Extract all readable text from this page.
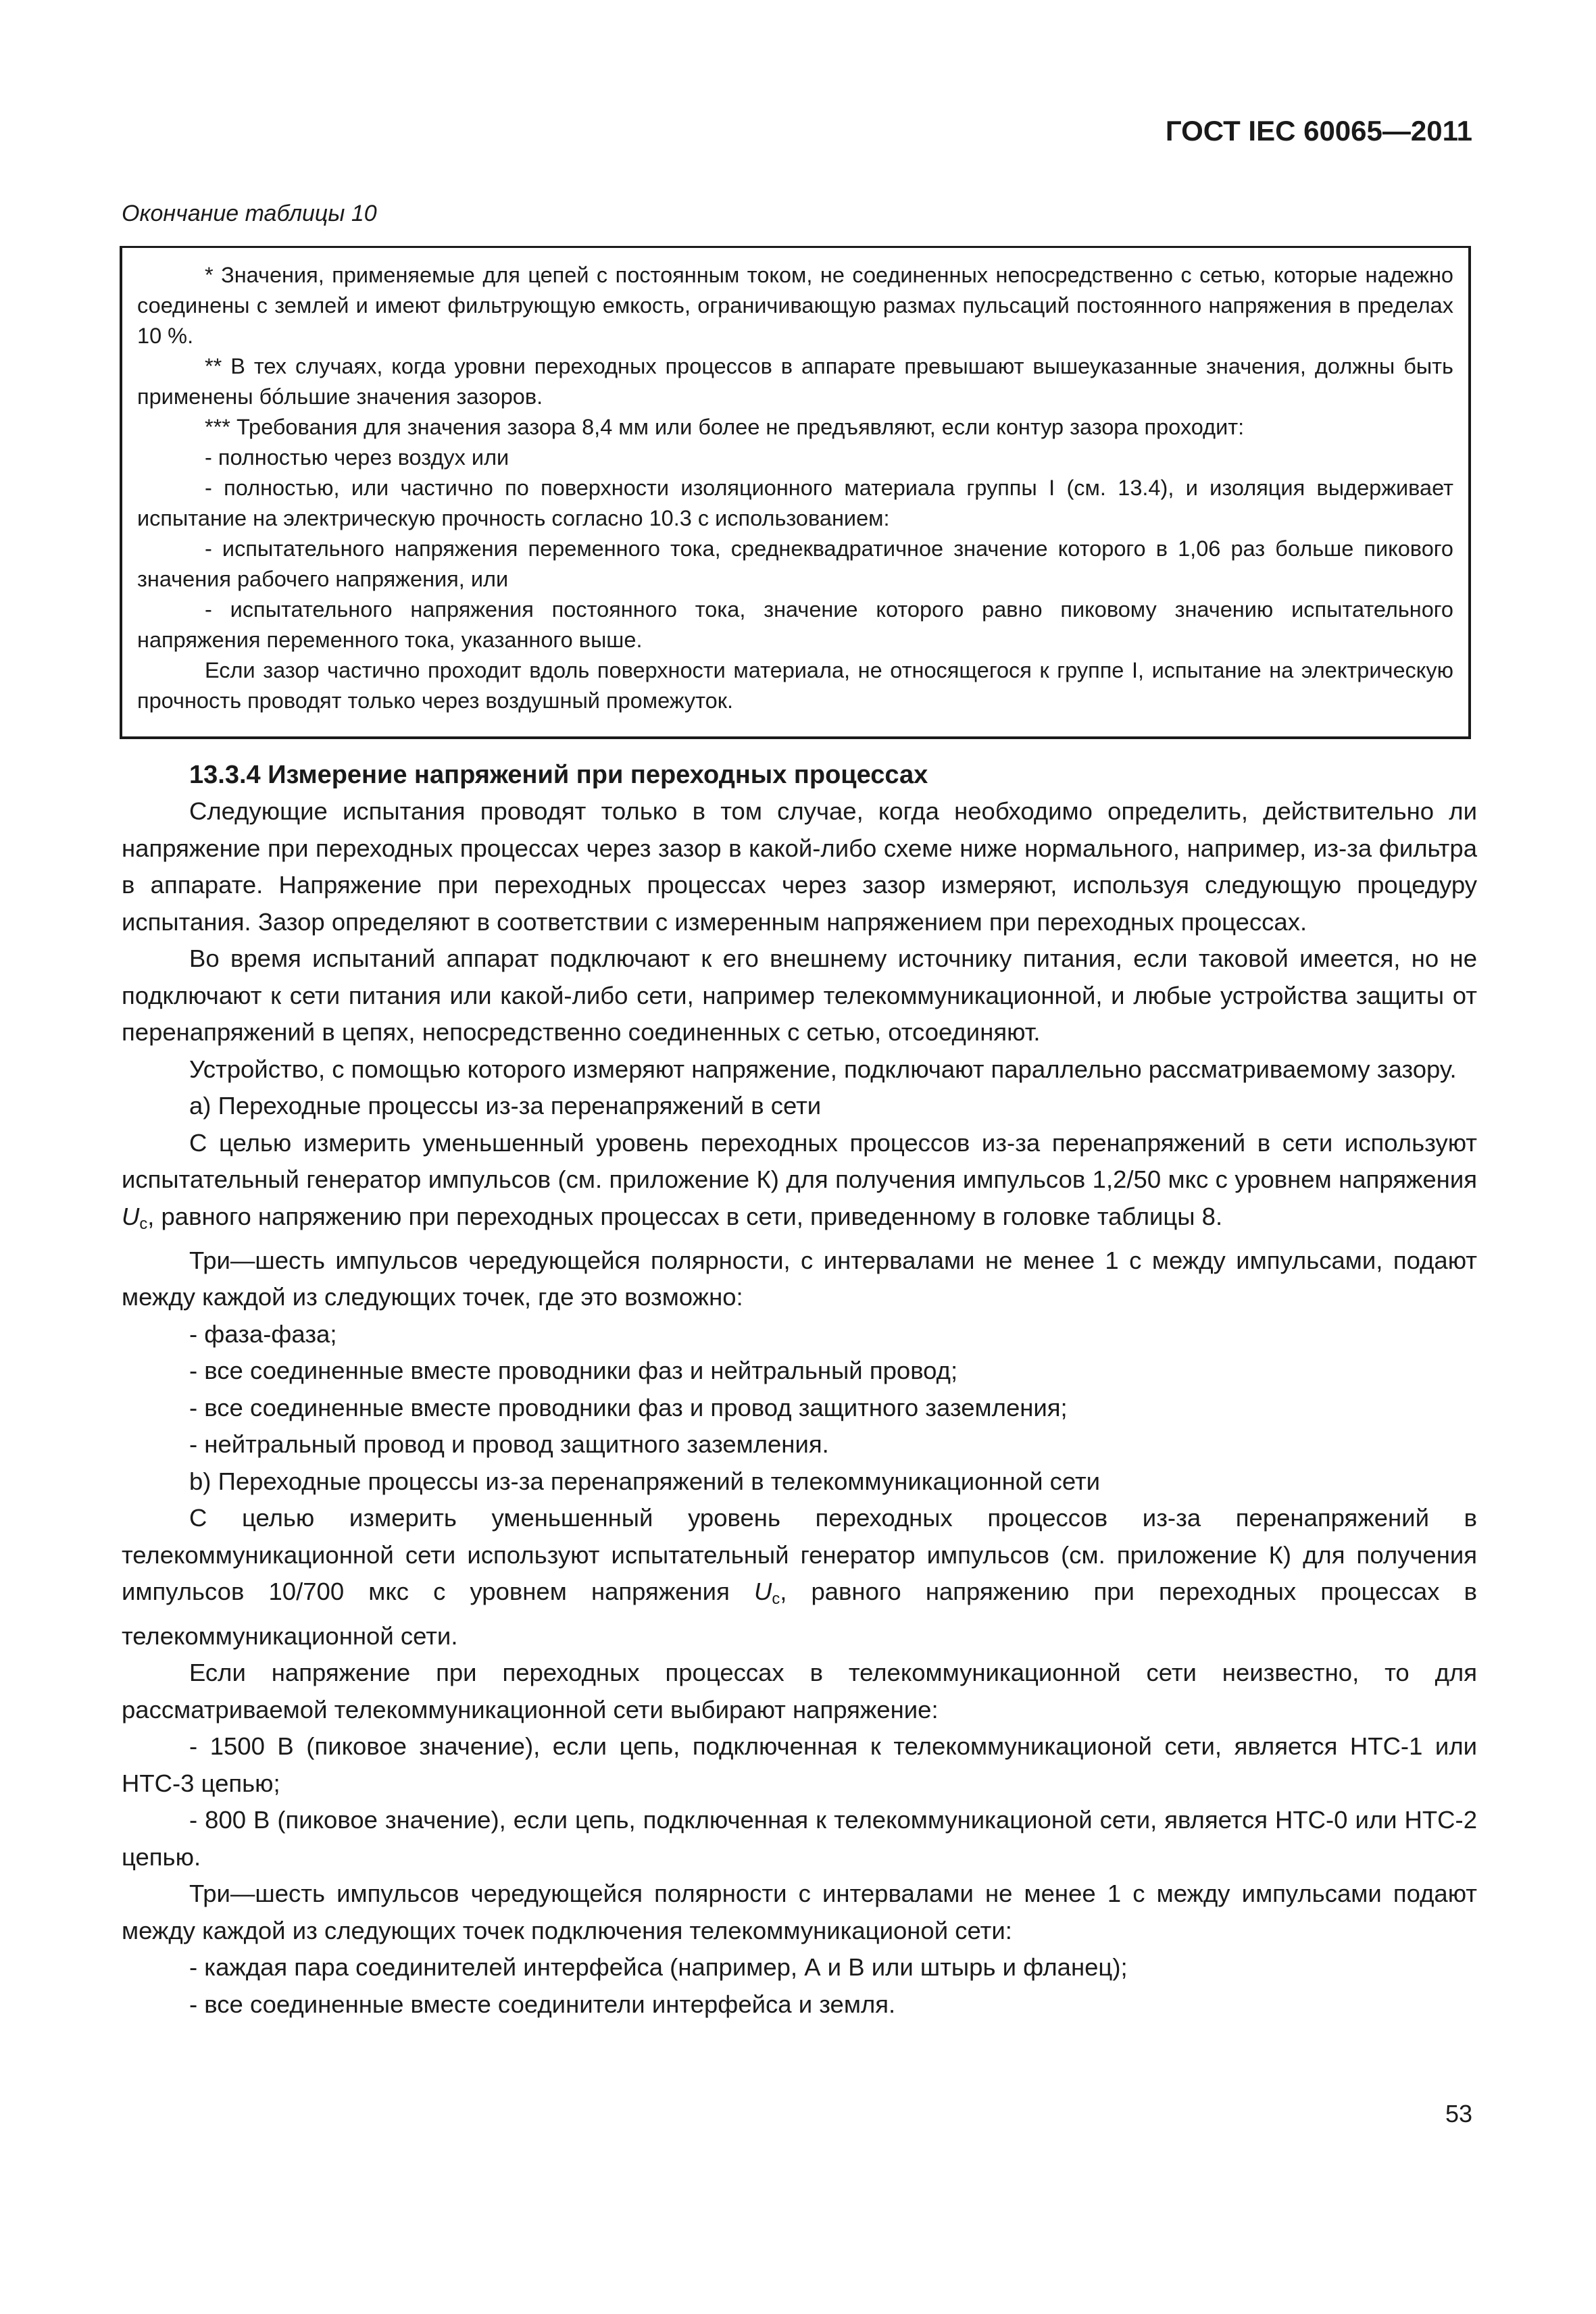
ГОСТ IEC 60065—2011
Окончание таблицы 10

* Значения, применяемые для цепей с постоянным током, не соединенных непосредственно с сетью, которые надежно соединены с землей и имеют фильтрующую емкость, ограничивающую размах пульсаций постоянного напряжения в пределах 10 %.

** В тех случаях, когда уровни переходных процессов в аппарате превышают вышеуказанные значения, должны быть применены бóльшие значения зазоров.

*** Требования для значения зазора 8,4 мм или более не предъявляют, если контур зазора проходит:

- полностью через воздух или

- полностью, или частично по поверхности изоляционного материала группы I (см. 13.4), и изоляция выдерживает испытание на электрическую прочность согласно 10.3 с использованием:

- испытательного напряжения переменного тока, среднеквадратичное значение которого в 1,06 раз больше пикового значения рабочего напряжения, или

- испытательного напряжения постоянного тока, значение которого равно пиковому значению испытательного напряжения переменного тока, указанного выше.

Если зазор частично проходит вдоль поверхности материала, не относящегося к группе I, испытание на электрическую прочность проводят только через воздушный промежуток.

13.3.4 Измерение напряжений при переходных процессах

Следующие испытания проводят только в том случае, когда необходимо определить, действительно ли напряжение при переходных процессах через зазор в какой-либо схеме ниже нормального, например, из-за фильтра в аппарате. Напряжение при переходных процессах через зазор измеряют, используя следующую процедуру испытания. Зазор определяют в соответствии с измеренным напряжением при переходных процессах.

Во время испытаний аппарат подключают к его внешнему источнику питания, если таковой имеется, но не подключают к сети питания или какой-либо сети, например телекоммуникационной, и любые устройства защиты от перенапряжений в цепях, непосредственно соединенных с сетью, отсоединяют.

Устройство, с помощью которого измеряют напряжение, подключают параллельно рассматриваемому зазору.

а) Переходные процессы из-за перенапряжений в сети

С целью измерить уменьшенный уровень переходных процессов из-за перенапряжений в сети используют испытательный генератор импульсов (см. приложение К) для получения импульсов 1,2/50 мкс с уровнем напряжения $U_c$, равного напряжению при переходных процессах в сети, приведенному в головке таблицы 8.

Три—шесть импульсов чередующейся полярности, с интервалами не менее 1 с между импульсами, подают между каждой из следующих точек, где это возможно:

- фаза-фаза;

- все соединенные вместе проводники фаз и нейтральный провод;

- все соединенные вместе проводники фаз и провод защитного заземления;

- нейтральный провод и провод защитного заземления.

b) Переходные процессы из-за перенапряжений в телекоммуникационной сети

С целью измерить уменьшенный уровень переходных процессов из-за перенапряжений в телекоммуникационной сети используют испытательный генератор импульсов (см. приложение К) для получения импульсов 10/700 мкс с уровнем напряжения $U_c$, равного напряжению при переходных процессах в телекоммуникационной сети.

Если напряжение при переходных процессах в телекоммуникационной сети неизвестно, то для рассматриваемой телекоммуникационной сети выбирают напряжение:

- 1500 В (пиковое значение), если цепь, подключенная к телекоммуникационой сети, является НТС-1 или НТС-3 цепью;

- 800 В (пиковое значение), если цепь, подключенная к телекоммуникационой сети, является НТС-0 или НТС-2 цепью.

Три—шесть импульсов чередующейся полярности с интервалами не менее 1 с между импульсами подают между каждой из следующих точек подключения телекоммуникационой сети:

- каждая пара соединителей интерфейса (например, А и В или штырь и фланец);

- все соединенные вместе соединители интерфейса и земля.

53
